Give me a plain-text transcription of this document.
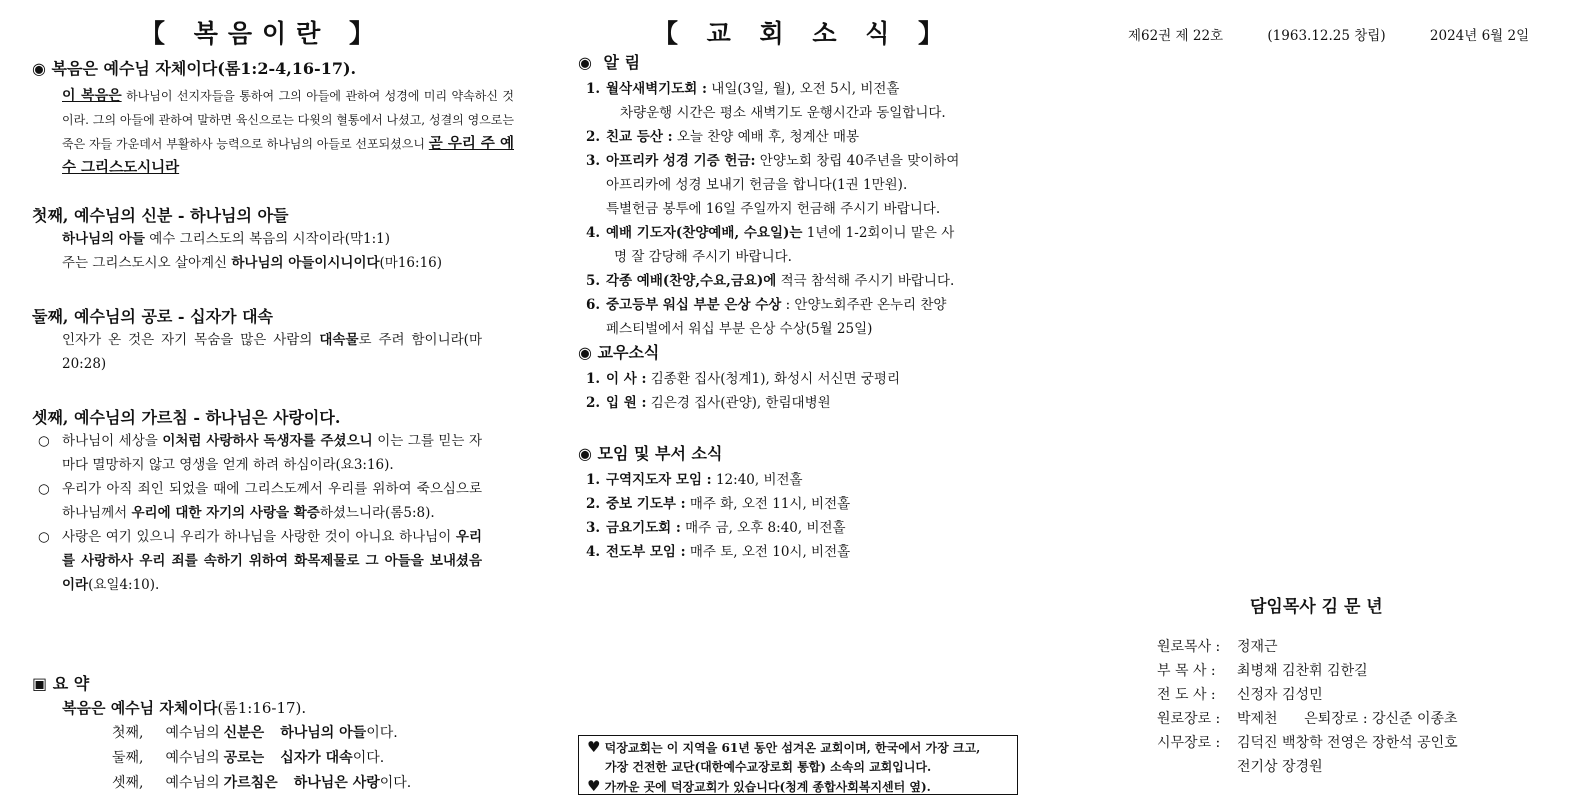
【 복음이란 】

◉ 복음은 예수님 자체이다(롬1:2-4,16-17).

이 복음은 하나님이 선지자들을 통하여 그의 아들에 관하여 성경에 미리 약속하신 것이라. 그의 아들에 관하여 말하면 육신으로는 다윗의 혈통에서 나셨고, 성결의 영으로는 죽은 자들 가운데서 부활하사 능력으로 하나님의 아들로 선포되셨으니 곧 우리 주 예수 그리스도시니라

첫째, 예수님의 신분 - 하나님의 아들

하나님의 아들 예수 그리스도의 복음의 시작이라(막1:1)
주는 그리스도시오 살아계신 하나님의 아들이시니이다(마16:16)

둘째, 예수님의 공로 - 십자가 대속

인자가 온 것은 자기 목숨을 많은 사람의 대속물로 주려 함이니라(마20:28)

셋째, 예수님의 가르침 - 하나님은 사랑이다.

○ 하나님이 세상을 이처럼 사랑하사 독생자를 주셨으니 이는 그를 믿는 자마다 멸망하지 않고 영생을 얻게 하려 하심이라(요3:16).

○ 우리가 아직 죄인 되었을 때에 그리스도께서 우리를 위하여 죽으심으로 하나님께서 우리에 대한 자기의 사랑을 확증하셨느니라(롬5:8).

○ 사랑은 여기 있으니 우리가 하나님을 사랑한 것이 아니요 하나님이 우리를 사랑하사 우리 죄를 속하기 위하여 화목제물로 그 아들을 보내셨음이라(요일4:10).

▣ 요 약

복음은 예수님 자체이다(롬1:16-17).
첫째, 예수님의 신분은 하나님의 아들 이다.
둘째, 예수님의 공로는 십자가 대속 이다.
셋째, 예수님의 가르침은 하나님은 사랑 이다.
【 교 회 소 식 】

◉ 알 림

1. 월삭새벽기도회 : 내일(3일, 월), 오전 5시, 비전홀

차량운행 시간은 평소 새벽기도 운행시간과 동일합니다.

2. 친교 등산 : 오늘 찬양 예배 후, 청계산 매봉

3. 아프리카 성경 기증 헌금: 안양노회 창립 40주년을 맞이하여

아프리카에 성경 보내기 헌금을 합니다(1권 1만원).
특별헌금 봉투에 16일 주일까지 헌금해 주시기 바랍니다.

4. 예배 기도자(찬양예배, 수요일)는 1년에 1-2회이니 맡은 사

명 잘 감당해 주시기 바랍니다.

5. 각종 예배(찬양,수요,금요)에 적극 참석해 주시기 바랍니다.

6. 중고등부 워십 부분 은상 수상 : 안양노회주관 온누리 찬양

페스티벌에서 워십 부분 은상 수상(5월 25일)

◉ 교우소식

1. 이 사 : 김종환 집사(청계1), 화성시 서신면 궁평리

2. 입 원 : 김은경 집사(관양), 한림대병원

◉ 모임 및 부서 소식

1. 구역지도자 모임 : 12:40, 비전홀

2. 중보 기도부 : 매주 화, 오전 11시, 비전홀

3. 금요기도회 : 매주 금, 오후 8:40, 비전홀

4. 전도부 모임 : 매주 토, 오전 10시, 비전홀

♥ 덕장교회는 이 지역을 61년 동안 섬겨온 교회이며, 한국에서 가장 크고,
가장 건전한 교단(대한예수교장로회 통합) 소속의 교회입니다.
♥ 가까운 곳에 덕장교회가 있습니다(청계 종합사회복지센터 옆).
제62권 제 22호	(1963.12.25 창립)	2024년 6월 2일
담임목사 김 문 년
원로목사 :	정재근
부 목 사 :	최병채 김찬휘 김한길
전 도 사 :	신정자 김성민
원로장로 :	박제천      은퇴장로 : 강신준 이종초
시무장로 :	김덕진 백창학 전영은 장한석 공인호
전기상 장경원
